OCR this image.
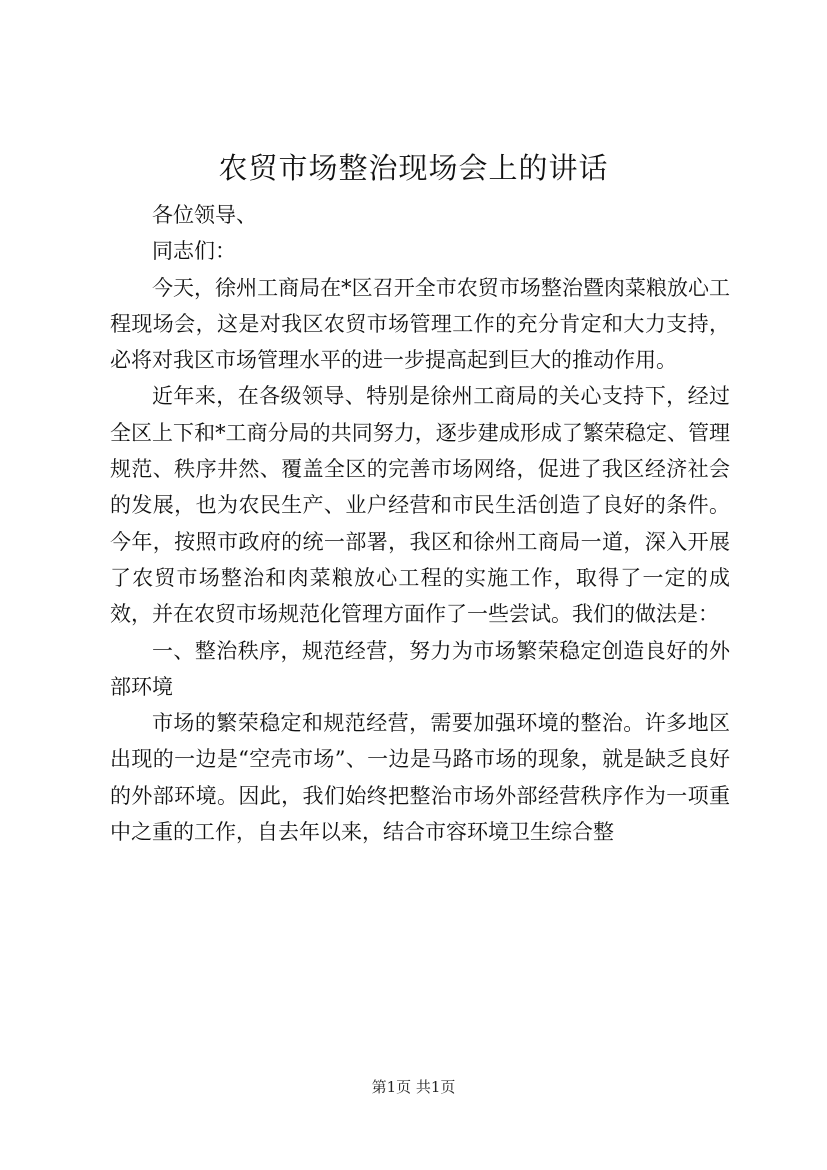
农贸市场整治现场会上的讲话

各位领导、

同志们：

今天，徐州工商局在*区召开全市农贸市场整治暨肉菜粮放心工程现场会，这是对我区农贸市场管理工作的充分肯定和大力支持，必将对我区市场管理水平的进一步提高起到巨大的推动作用。

近年来，在各级领导、特别是徐州工商局的关心支持下，经过全区上下和*工商分局的共同努力，逐步建成形成了繁荣稳定、管理规范、秩序井然、覆盖全区的完善市场网络，促进了我区经济社会的发展，也为农民生产、业户经营和市民生活创造了良好的条件。今年，按照市政府的统一部署，我区和徐州工商局一道，深入开展了农贸市场整治和肉菜粮放心工程的实施工作，取得了一定的成效，并在农贸市场规范化管理方面作了一些尝试。我们的做法是：

一、整治秩序，规范经营，努力为市场繁荣稳定创造良好的外部环境

市场的繁荣稳定和规范经营，需要加强环境的整治。许多地区出现的一边是“空壳市场”、一边是马路市场的现象，就是缺乏良好的外部环境。因此，我们始终把整治市场外部经营秩序作为一项重中之重的工作，自去年以来，结合市容环境卫生综合整

第1页 共1页
